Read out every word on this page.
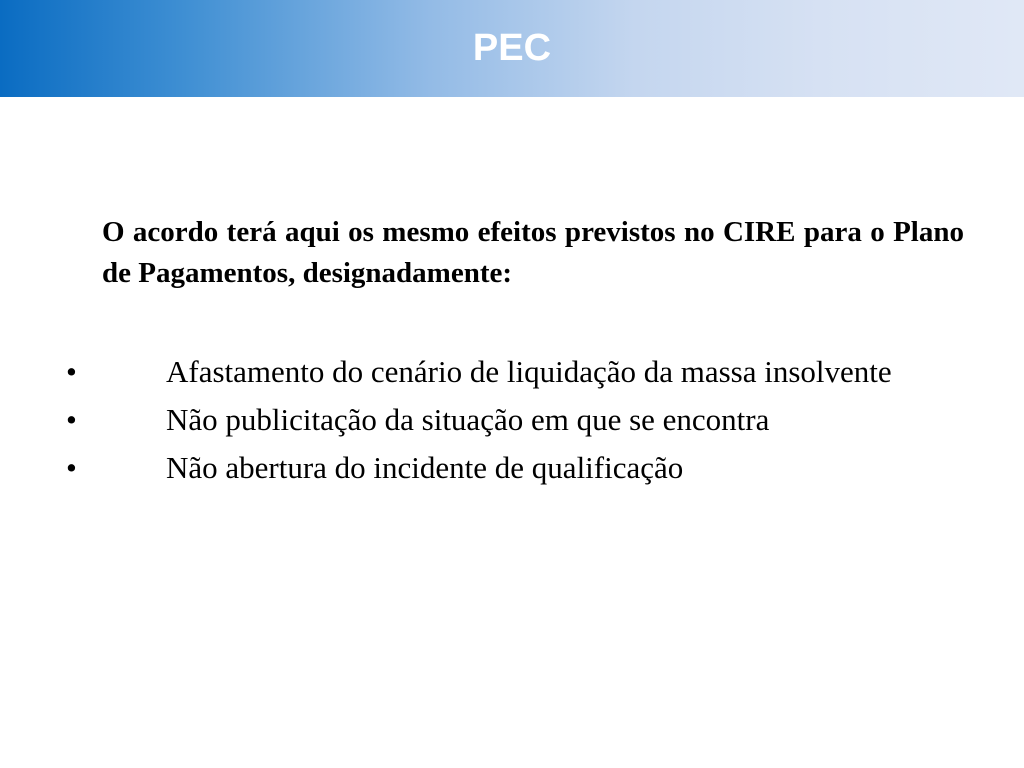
PEC

O acordo terá aqui os mesmo efeitos previstos no CIRE para o Plano de Pagamentos, designadamente:

•	Afastamento do cenário de liquidação da massa insolvente
•	Não publicitação da situação em que se encontra
•	Não abertura do incidente de qualificação
